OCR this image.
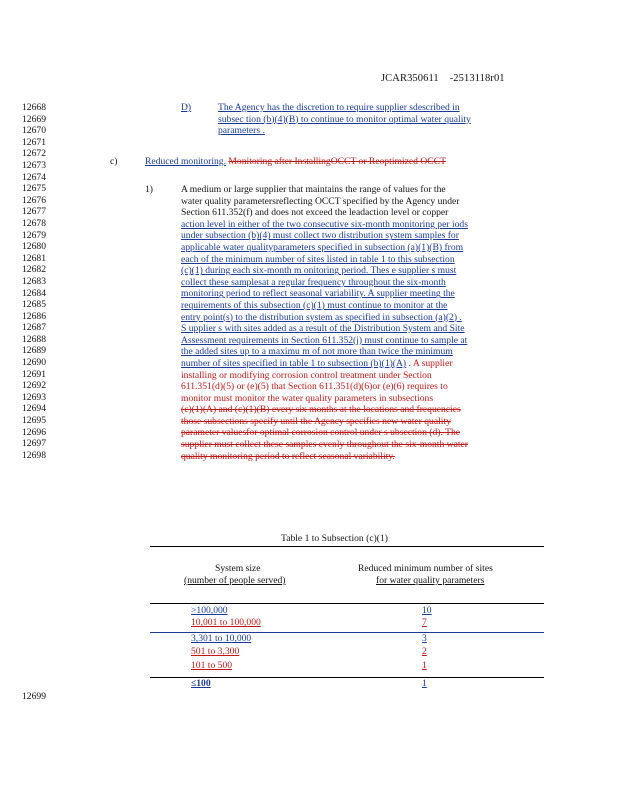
JCAR350611 -2513118r01
12668
12669
12670
12671
12672
12673
12674
12675
12676
12677
12678
12679
12680
12681
12682
12683
12684
12685
12686
12687
12688
12689
12690
12691
12692
12693
12694
12695
12696
12697
12698
12699
D)	The Agency has the discretion to require supplier sdescribed in
subsec tion (b)(4)(B) to continue to monitor optimal water quality
parameters .
c)	Reduced monitoring. Monitoring after InstallingOCCT or Reoptimized OCCT
1)	A medium or large supplier that maintains the range of values for the
water quality parametersreflecting OCCT specified by the Agency under
Section 611.352(f) and does not exceed the leadaction level or copper
action level in either of the two consecutive six-month monitoring per iods
under subsection (b)(4) must collect two distribution system samples for
applicable water qualityparameters specified in subsection (a)(1)(B) from
each of the minimum number of sites listed in table 1 to this subsection
(c)(1) during each six-month m onitoring period. Thes e supplier s must
collect these samplesat a regular frequency throughout the six-month
monitoring period to reflect seasonal variability. A supplier meeting the
requirements of this subsection (c)(1) must continue to monitor at the
entry point(s) to the distribution system as specified in subsection (a)(2) .
S upplier s with sites added as a result of the Distribution System and Site
Assessment requirements in Section 611.352(j) must continue to sample at
the added sites up to a maximu m of not more than twice the minimum
number of sites specified in table 1 to subsection (b)(1)(A) . A supplier
installing or modifying corrosion control treatment under Section
611.351(d)(5) or (e)(5) that Section 611.351(d)(6)or (e)(6) requires to
monitor must monitor the water quality parameters in subsections
(c)(1)(A) and (c)(1)(B) every six months at the locations and frequencies
those subsections specify until the Agency specifies new water quality
parameter valuesfor optimal corrosion control under s ubsection (d). The
supplier must collect these samples evenly throughout the six-month water
quality monitoring period to reflect seasonal variability.
Table 1 to Subsection (c)(1)
System size
(number of people served)
Reduced minimum number of sites
for water quality parameters
>100,000	10
10,001 to 100,000	7
3,301 to 10,000	3
501 to 3,300	2
101 to 500	1
≤100	1
